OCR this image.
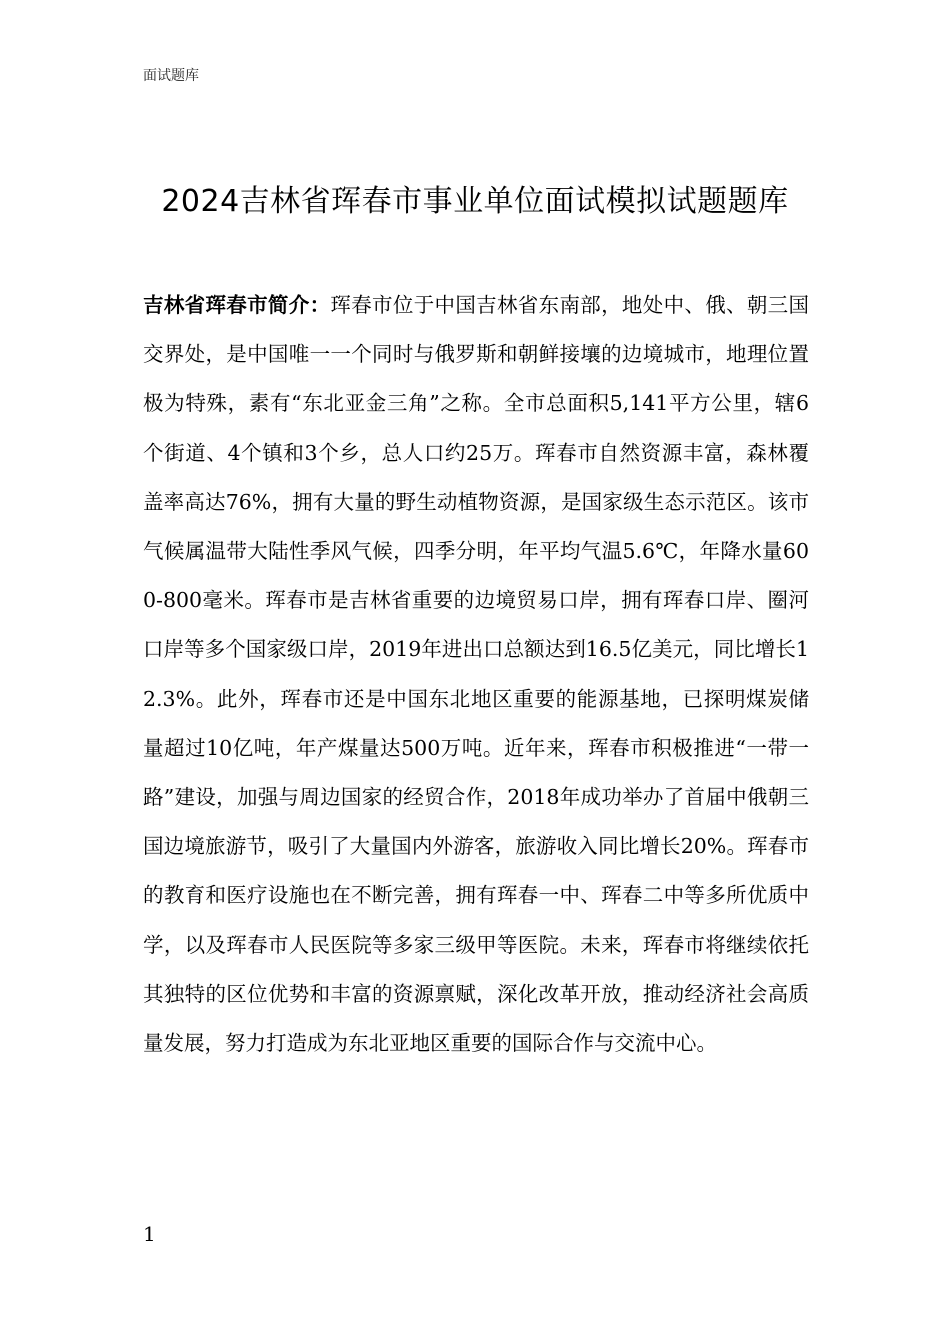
面试题库
2024吉林省珲春市事业单位面试模拟试题题库

吉林省珲春市简介：珲春市位于中国吉林省东南部，地处中、俄、朝三国交界处，是中国唯一一个同时与俄罗斯和朝鲜接壤的边境城市，地理位置极为特殊，素有“东北亚金三角”之称。全市总面积5,141平方公里，辖6个街道、4个镇和3个乡，总人口约25万。珲春市自然资源丰富，森林覆盖率高达76%，拥有大量的野生动植物资源，是国家级生态示范区。该市气候属温带大陆性季风气候，四季分明，年平均气温5.6℃，年降水量600-800毫米。珲春市是吉林省重要的边境贸易口岸，拥有珲春口岸、圈河口岸等多个国家级口岸，2019年进出口总额达到16.5亿美元，同比增长12.3%。此外，珲春市还是中国东北地区重要的能源基地，已探明煤炭储量超过10亿吨，年产煤量达500万吨。近年来，珲春市积极推进“一带一路”建设，加强与周边国家的经贸合作，2018年成功举办了首届中俄朝三国边境旅游节，吸引了大量国内外游客，旅游收入同比增长20%。珲春市的教育和医疗设施也在不断完善，拥有珲春一中、珲春二中等多所优质中学，以及珲春市人民医院等多家三级甲等医院。未来，珲春市将继续依托其独特的区位优势和丰富的资源禀赋，深化改革开放，推动经济社会高质量发展，努力打造成为东北亚地区重要的国际合作与交流中心。

1
